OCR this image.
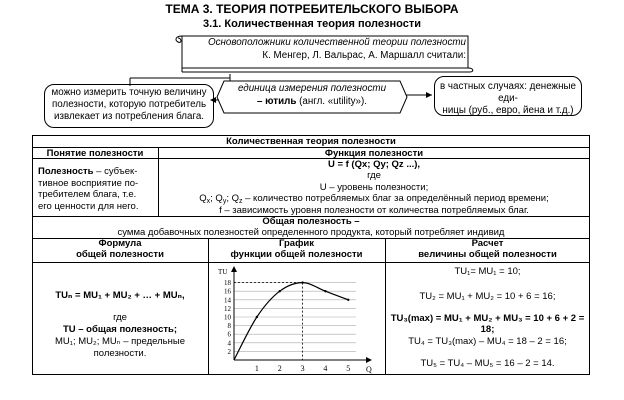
ТЕМА 3. ТЕОРИЯ ПОТРЕБИТЕЛЬСКОГО ВЫБОРА
3.1. Количественная теория полезности
Основоположники количественной теории полезности
К. Менгер, Л. Вальрас, А. Маршалл считали:
можно измерить точную величину
полезности, которую потребитель
извлекает из потребления блага.
единица измерения полезности
– ютиль (англ. «utility»).
в частных случаях: денежные еди-
ницы (руб., евро, йена и т.д.)
Количественная теория полезности
Понятие полезности	Функция полезности
Полезность – субъек-
тивное восприятие по-
требителем блага, т.е.
его ценности для него.
U = f (Qx; Qy; Qz ...),
где
U – уровень полезности;
$Q_x$; $Q_y$; $Q_z$ – количество потребляемых благ за определённый период времени;
f – зависимость уровня полезности от количества потребляемых благ.
Общая полезность –
сумма добавочных полезностей определенного продукта, который потребляет индивид
Формула
общей полезности
График
функции общей полезности
Расчет
величины общей полезности
TUₙ = MU₁ + MU₂ + … + MUₙ,
где
TU – общая полезность;
MU₁; MU₂; MUₙ – предельные
полезности.
TU
Q
2
4
6
8
10
12
14
16
18
1 2 3 4 5
TU₁= MU₁ = 10;
TU₂ = MU₁ + MU₂ = 10 + 6 = 16;
TU₃(max) = MU₁ + MU₂ + MU₃ = 10 + 6 + 2 = 18;
TU₄ = TU₃(max) – MU₄ = 18 – 2 = 16;
TU₅ = TU₄ – MU₅ = 16 – 2 = 14.
